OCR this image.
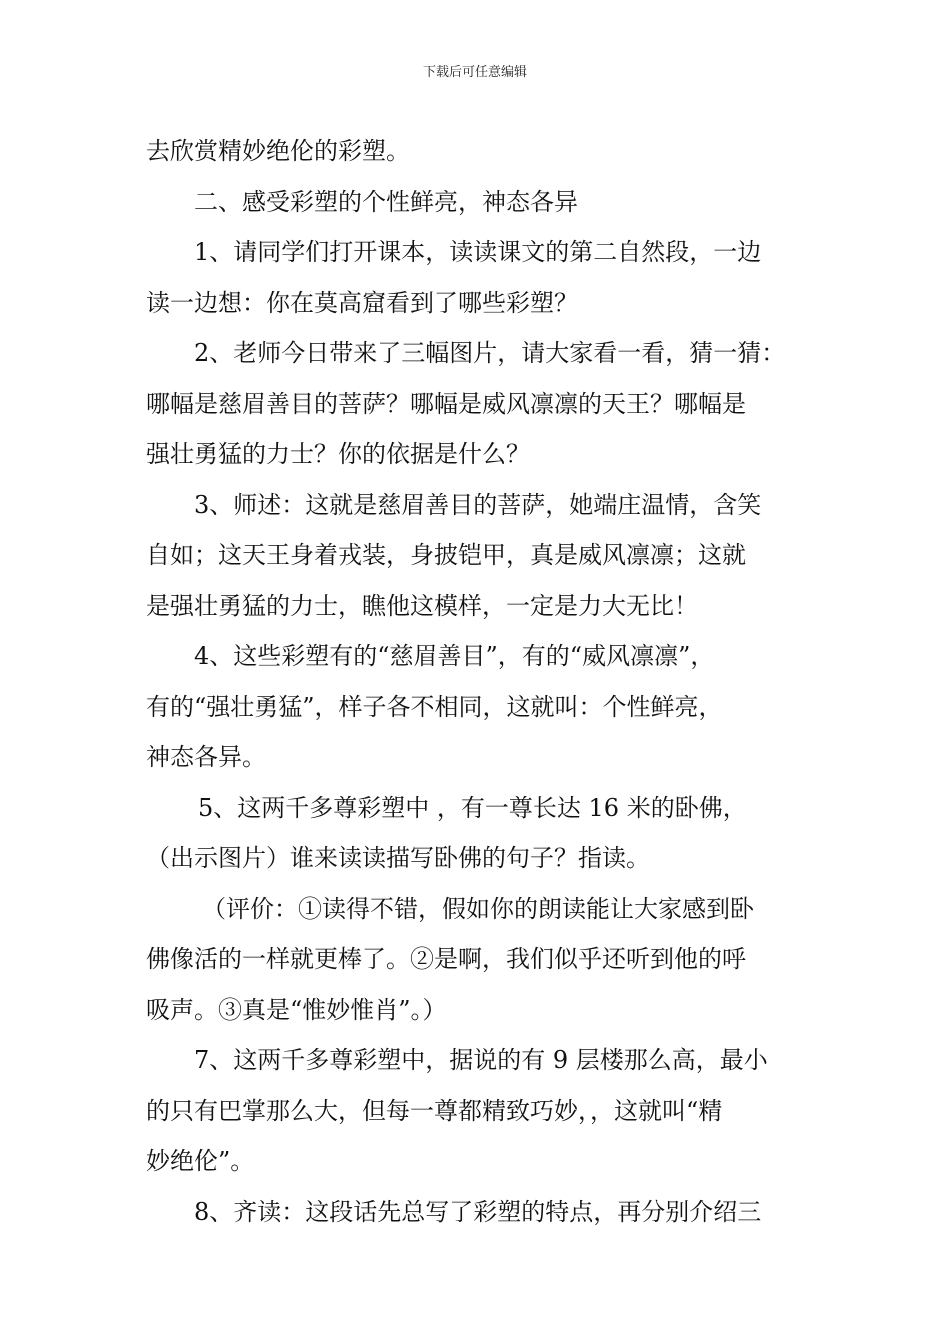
下载后可任意编辑
去欣赏精妙绝伦的彩塑。
二、感受彩塑的个性鲜亮，神态各异
1、请同学们打开课本，读读课文的第二自然段，一边
读一边想：你在莫高窟看到了哪些彩塑？
2、老师今日带来了三幅图片，请大家看一看，猜一猜：
哪幅是慈眉善目的菩萨？哪幅是威风凛凛的天王？哪幅是
强壮勇猛的力士？你的依据是什么？
3、师述：这就是慈眉善目的菩萨，她端庄温情，含笑
自如；这天王身着戎装，身披铠甲，真是威风凛凛；这就
是强壮勇猛的力士，瞧他这模样，一定是力大无比！
4、这些彩塑有的“慈眉善目”，有的“威风凛凛”，
有的“强壮勇猛”，样子各不相同，这就叫：个性鲜亮，
神态各异。
5、这两千多尊彩塑中 ，有一尊长达 16 米的卧佛，
（出示图片）谁来读读描写卧佛的句子？指读。
（评价：①读得不错，假如你的朗读能让大家感到卧
佛像活的一样就更棒了。②是啊，我们似乎还听到他的呼
吸声。③真是“惟妙惟肖”。）
7、这两千多尊彩塑中，据说的有 9 层楼那么高，最小
的只有巴掌那么大，但每一尊都精致巧妙，，这就叫“精
妙绝伦”。
8、齐读：这段话先总写了彩塑的特点，再分别介绍三
